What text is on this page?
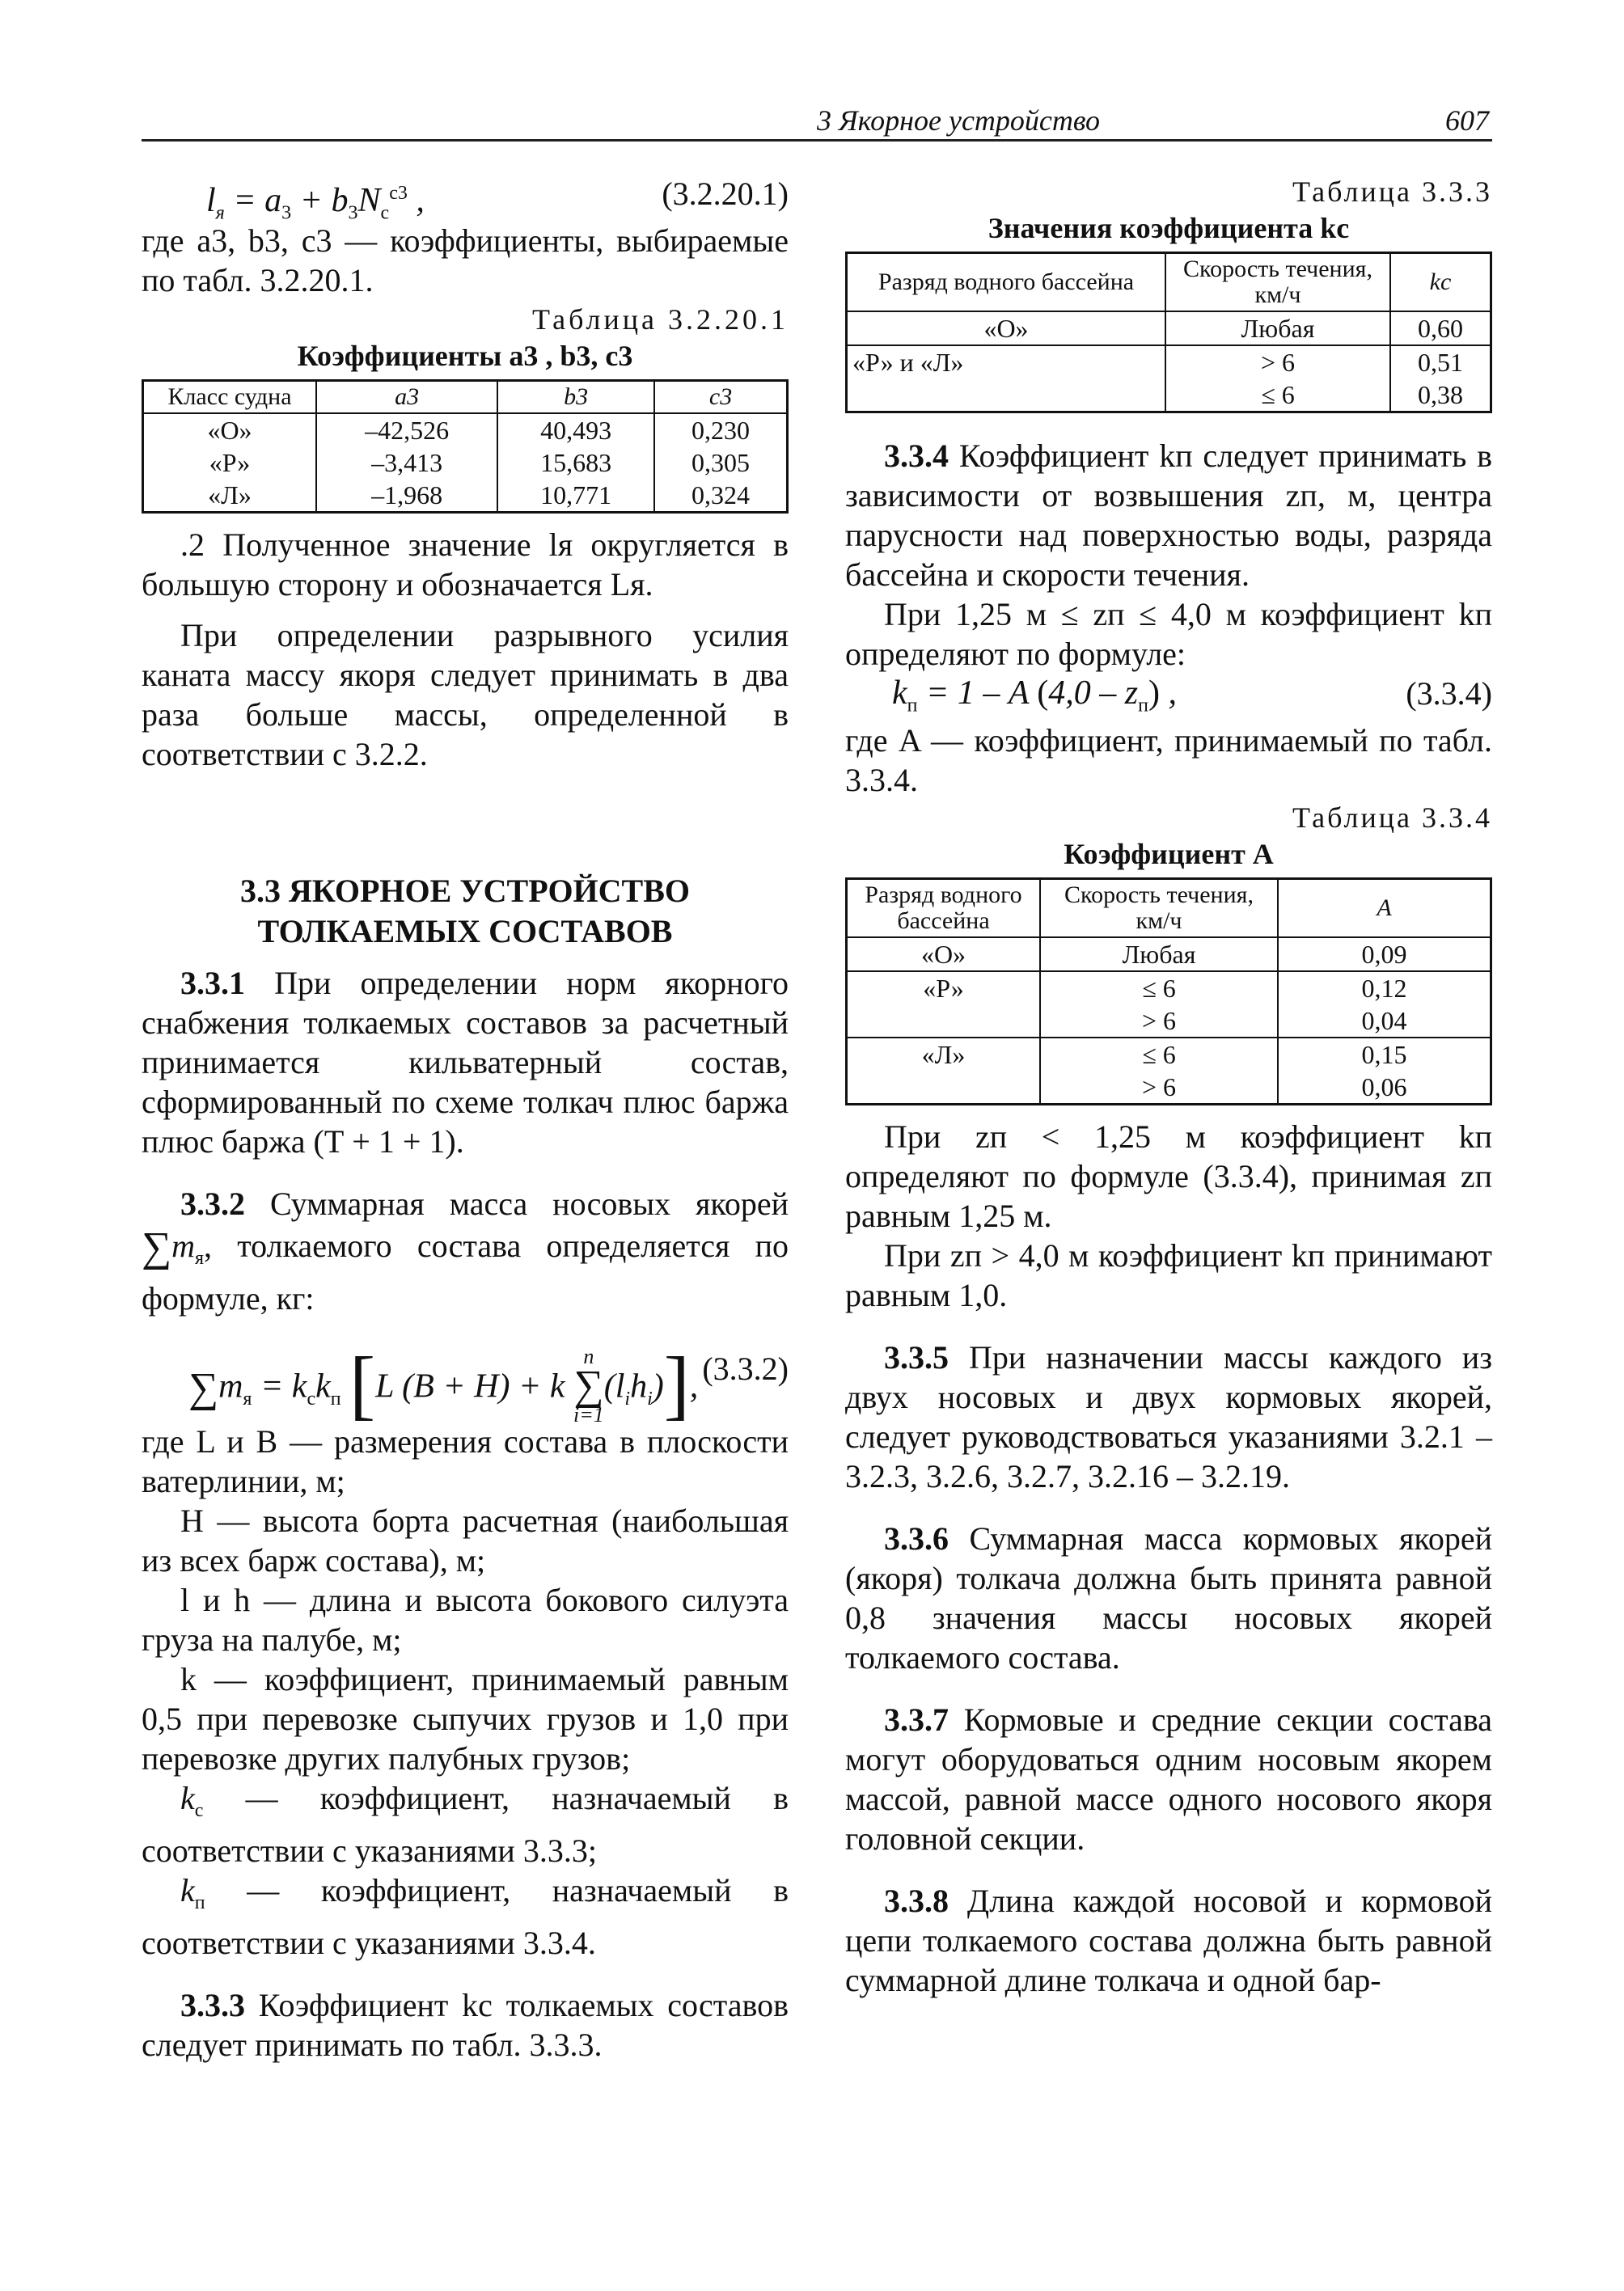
3 Якорное устройство	607
$l_я = a_3 + b_3N_с^{с3}$ ,	(3.2.20.1)

где a3, b3, c3 — коэффициенты, выбираемые по табл. 3.2.20.1.

Таблица 3.2.20.1
Коэффициенты a3 , b3, c3
Класс судна	a3	b3	c3
«О»	–42,526	40,493	0,230
«Р»	–3,413	15,683	0,305
«Л»	–1,968	10,771	0,324

.2 Полученное значение lя округляется в большую сторону и обозначается Lя.

При определении разрывного усилия каната массу якоря следует принимать в два раза больше массы, определенной в соответствии с 3.2.2.

3.3 ЯКОРНОЕ УСТРОЙСТВО
ТОЛКАЕМЫХ СОСТАВОВ

3.3.1 При определении норм якорного снабжения толкаемых составов за расчетный принимается кильватерный состав, сформированный по схеме толкач плюс баржа плюс баржа (Т + 1 + 1).

3.3.2 Суммарная масса носовых якорей $\sum m_я$, толкаемого состава определяется по формуле, кг:

$\sum m_я = k_сk_п$ [L (B + H) + k
n
∑
i=1
$(l_ih_i)$], (3.3.2)

где L и B — размерения состава в плоскости ватерлинии, м;

H — высота борта расчетная (наибольшая из всех барж состава), м;

l и h — длина и высота бокового силуэта груза на палубе, м;

k — коэффициент, принимаемый равным 0,5 при перевозке сыпучих грузов и 1,0 при перевозке других палубных грузов;

$k_с$ — коэффициент, назначаемый в соответствии с указаниями 3.3.3;

$k_п$ — коэффициент, назначаемый в соответствии с указаниями 3.3.4.

3.3.3 Коэффициент kс толкаемых составов следует принимать по табл. 3.3.3.

Таблица 3.3.3
Значения коэффициента kс
Разряд водного бассейна	Скорость течения, км/ч	kс
«О»	Любая	0,60
«Р» и «Л»	> 6	0,51
	≤ 6	0,38

3.3.4 Коэффициент kп следует принимать в зависимости от возвышения zп, м, центра парусности над поверхностью воды, разряда бассейна и скорости течения.

При 1,25 м ≤ zп ≤ 4,0 м коэффициент kп определяют по формуле:

$k_п = 1 - A$ $(4,0 - z_п)$ ,	(3.3.4)

где A — коэффициент, принимаемый по табл. 3.3.4.

Таблица 3.3.4
Коэффициент A
Разряд водного бассейна	Скорость течения, км/ч	A
«О»	Любая	0,09
«Р»	≤ 6	0,12
	> 6	0,04
«Л»	≤ 6	0,15
	> 6	0,06

При zп < 1,25 м коэффициент kп определяют по формуле (3.3.4), принимая zп равным 1,25 м.

При zп > 4,0 м коэффициент kп принимают равным 1,0.

3.3.5 При назначении массы каждого из двух носовых и двух кормовых якорей, следует руководствоваться указаниями 3.2.1 – 3.2.3, 3.2.6, 3.2.7, 3.2.16 – 3.2.19.

3.3.6 Суммарная масса кормовых якорей (якоря) толкача должна быть принята равной 0,8 значения массы носовых якорей толкаемого состава.

3.3.7 Кормовые и средние секции состава могут оборудоваться одним носовым якорем массой, равной массе одного носового якоря головной секции.

3.3.8 Длина каждой носовой и кормовой цепи толкаемого состава должна быть равной суммарной длине толкача и одной бар-
